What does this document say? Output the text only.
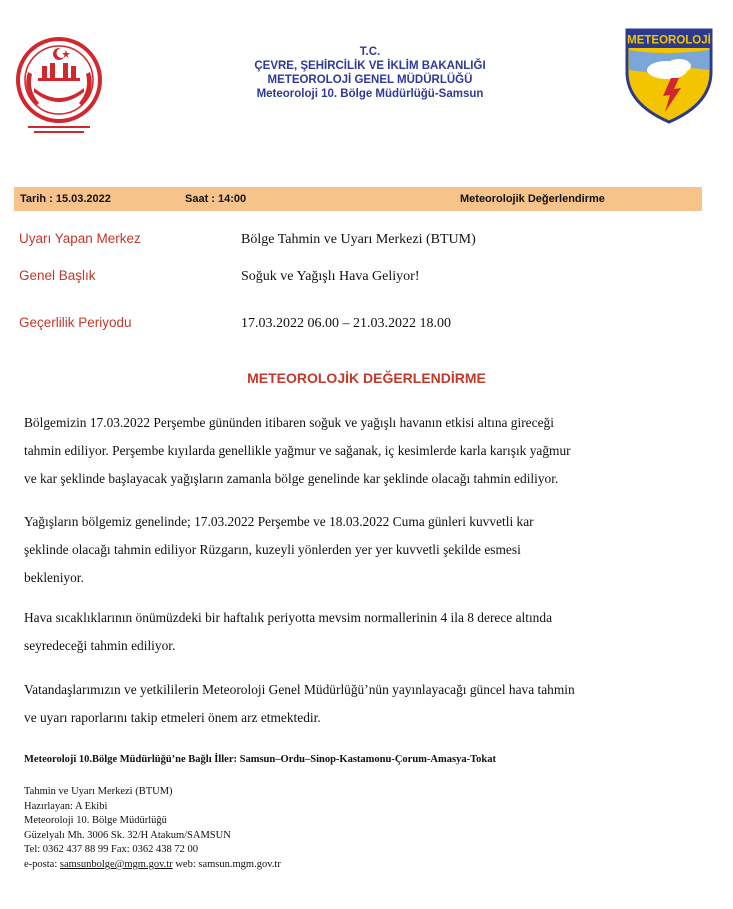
T.C.
ÇEVRE, ŞEHİRCİLİK VE İKLİM BAKANLIĞI
METEOROLOJİ GENEL MÜDÜRLÜĞÜ
Meteoroloji 10. Bölge Müdürlüğü-Samsun
METEOROLOJİ
Tarih : 15.03.2022	Saat : 14:00	Meteorolojik Değerlendirme
Uyarı Yapan Merkez	Bölge Tahmin ve Uyarı Merkezi (BTUM)
Genel Başlık	Soğuk ve Yağışlı Hava Geliyor!
Geçerlilik Periyodu	17.03.2022 06.00 – 21.03.2022 18.00
METEOROLOJİK DEĞERLENDİRME
Bölgemizin 17.03.2022 Perşembe gününden itibaren soğuk ve yağışlı havanın etkisi altına gireceği
tahmin ediliyor. Perşembe kıyılarda genellikle yağmur ve sağanak, iç kesimlerde karla karışık yağmur
ve kar şeklinde başlayacak yağışların zamanla bölge genelinde kar şeklinde olacağı tahmin ediliyor.
Yağışların bölgemiz genelinde; 17.03.2022 Perşembe ve 18.03.2022 Cuma günleri kuvvetli kar
şeklinde olacağı tahmin ediliyor Rüzgarın, kuzeyli yönlerden yer yer kuvvetli şekilde esmesi
bekleniyor.
Hava sıcaklıklarının önümüzdeki bir haftalık periyotta mevsim normallerinin 4 ila 8 derece altında
seyredeceği tahmin ediliyor.
Vatandaşlarımızın ve yetkililerin Meteoroloji Genel Müdürlüğü’nün yayınlayacağı güncel hava tahmin
ve uyarı raporlarını takip etmeleri önem arz etmektedir.
Meteoroloji 10.Bölge Müdürlüğü’ne Bağlı İller: Samsun–Ordu–Sinop-Kastamonu-Çorum-Amasya-Tokat
Tahmin ve Uyarı Merkezi (BTUM)
Hazırlayan: A Ekibi
Meteoroloji 10. Bölge Müdürlüğü
Güzelyalı Mh. 3006 Sk. 32/H Atakum/SAMSUN
Tel: 0362 437 88 99 Fax: 0362 438 72 00
e-posta: samsunbolge@mgm.gov.tr web: samsun.mgm.gov.tr
